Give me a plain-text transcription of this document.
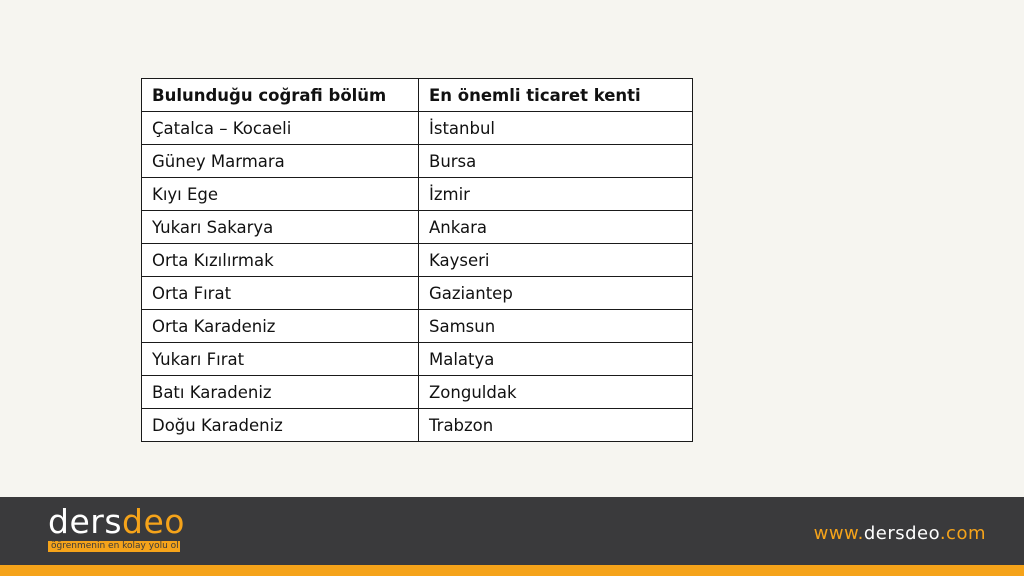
Bulunduğu coğrafi bölüm	En önemli ticaret kenti
Çatalca – Kocaeli	İstanbul
Güney Marmara	Bursa
Kıyı Ege	İzmir
Yukarı Sakarya	Ankara
Orta Kızılırmak	Kayseri
Orta Fırat	Gaziantep
Orta Karadeniz	Samsun
Yukarı Fırat	Malatya
Batı Karadeniz	Zonguldak
Doğu Karadeniz	Trabzon
dersdeo
öğrenmenin en kolay yolu ol
www.dersdeo.com
